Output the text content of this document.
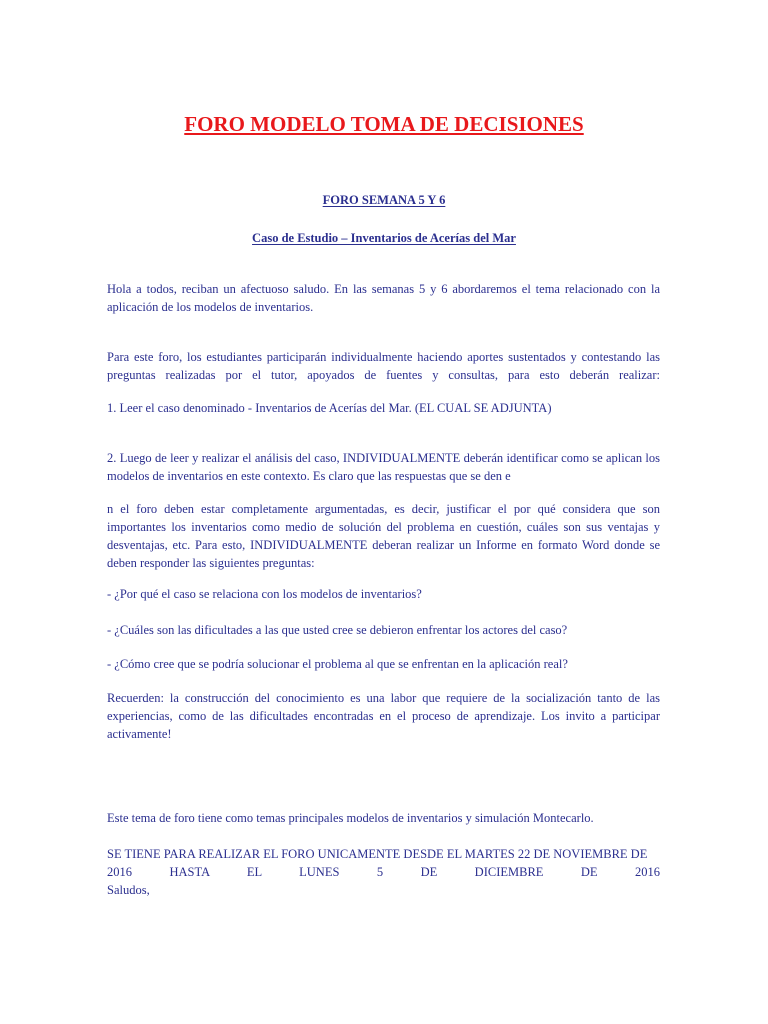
FORO MODELO TOMA DE DECISIONES

FORO SEMANA 5 Y 6

Caso de Estudio – Inventarios de Acerías del Mar

Hola a todos, reciban un afectuoso saludo. En las semanas 5 y 6 abordaremos el tema relacionado con la aplicación de los modelos de inventarios.

Para este foro, los estudiantes participarán individualmente haciendo aportes sustentados y contestando las
preguntas realizadas por el tutor, apoyados de fuentes y consultas, para esto deberán realizar:

1. Leer el caso denominado - Inventarios de Acerías del Mar. (EL CUAL SE ADJUNTA)

2. Luego de leer y realizar el análisis del caso, INDIVIDUALMENTE deberán identificar como se aplican los modelos de inventarios en este contexto. Es claro que las respuestas que se den e

n el foro deben estar completamente argumentadas, es decir, justificar el por qué considera que son importantes los inventarios como medio de solución del problema en cuestión, cuáles son sus ventajas y desventajas, etc. Para esto, INDIVIDUALMENTE deberan realizar un Informe en formato Word donde se deben responder las siguientes preguntas:

- ¿Por qué el caso se relaciona con los modelos de inventarios?

- ¿Cuáles son las dificultades a las que usted cree se debieron enfrentar los actores del caso?

- ¿Cómo cree que se podría solucionar el problema al que se enfrentan en la aplicación real?

Recuerden: la construcción del conocimiento es una labor que requiere de la socialización tanto de las experiencias, como de las dificultades encontradas en el proceso de aprendizaje. Los invito a participar activamente!

Este tema de foro tiene como temas principales modelos de inventarios y simulación Montecarlo.

SE TIENE PARA REALIZAR EL FORO UNICAMENTE DESDE EL MARTES 22 DE NOVIEMBRE DE
2016          HASTA          EL          LUNES          5          DE          DICIEMBRE          DE          2016
Saludos,
